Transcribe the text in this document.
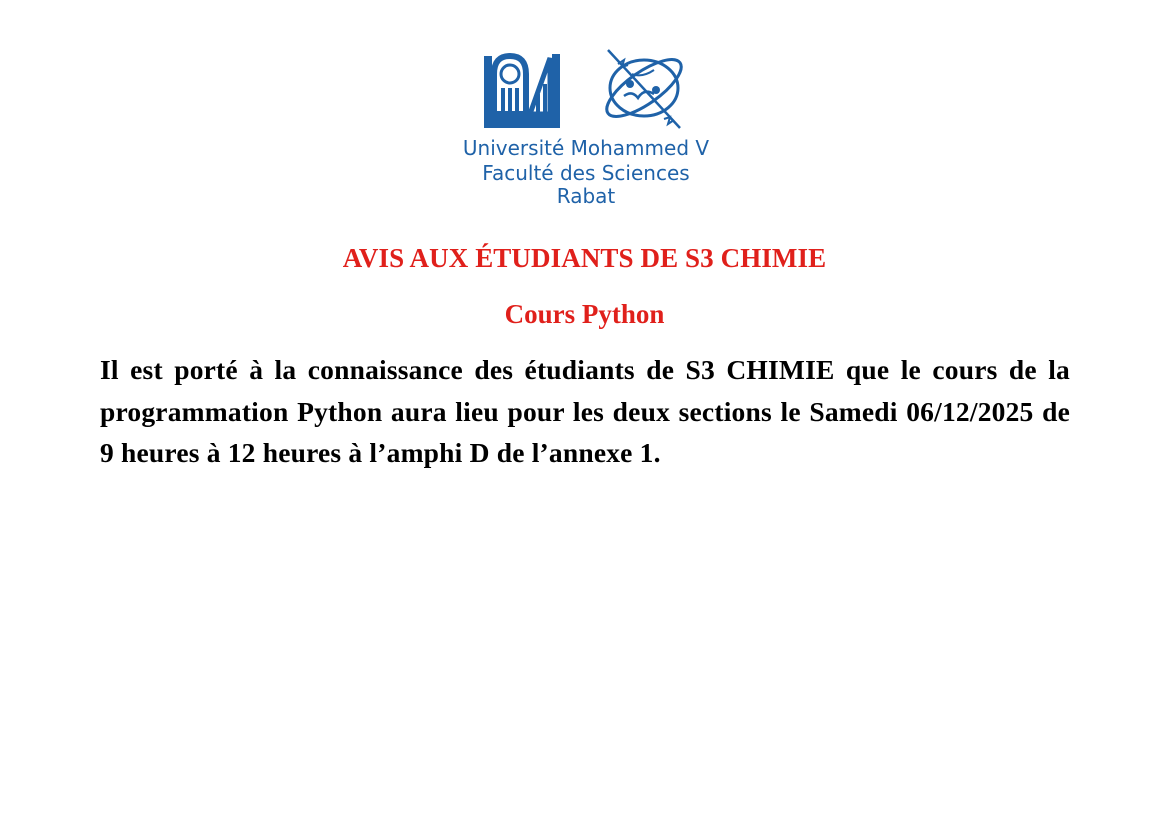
Université Mohammed V
Faculté des Sciences
Rabat
AVIS AUX ÉTUDIANTS DE S3 CHIMIE
Cours Python
Il est porté à la connaissance des étudiants de S3 CHIMIE que le cours de la programmation Python aura lieu pour les deux sections le Samedi 06/12/2025 de 9 heures à 12 heures à l’amphi D de l’annexe 1.
